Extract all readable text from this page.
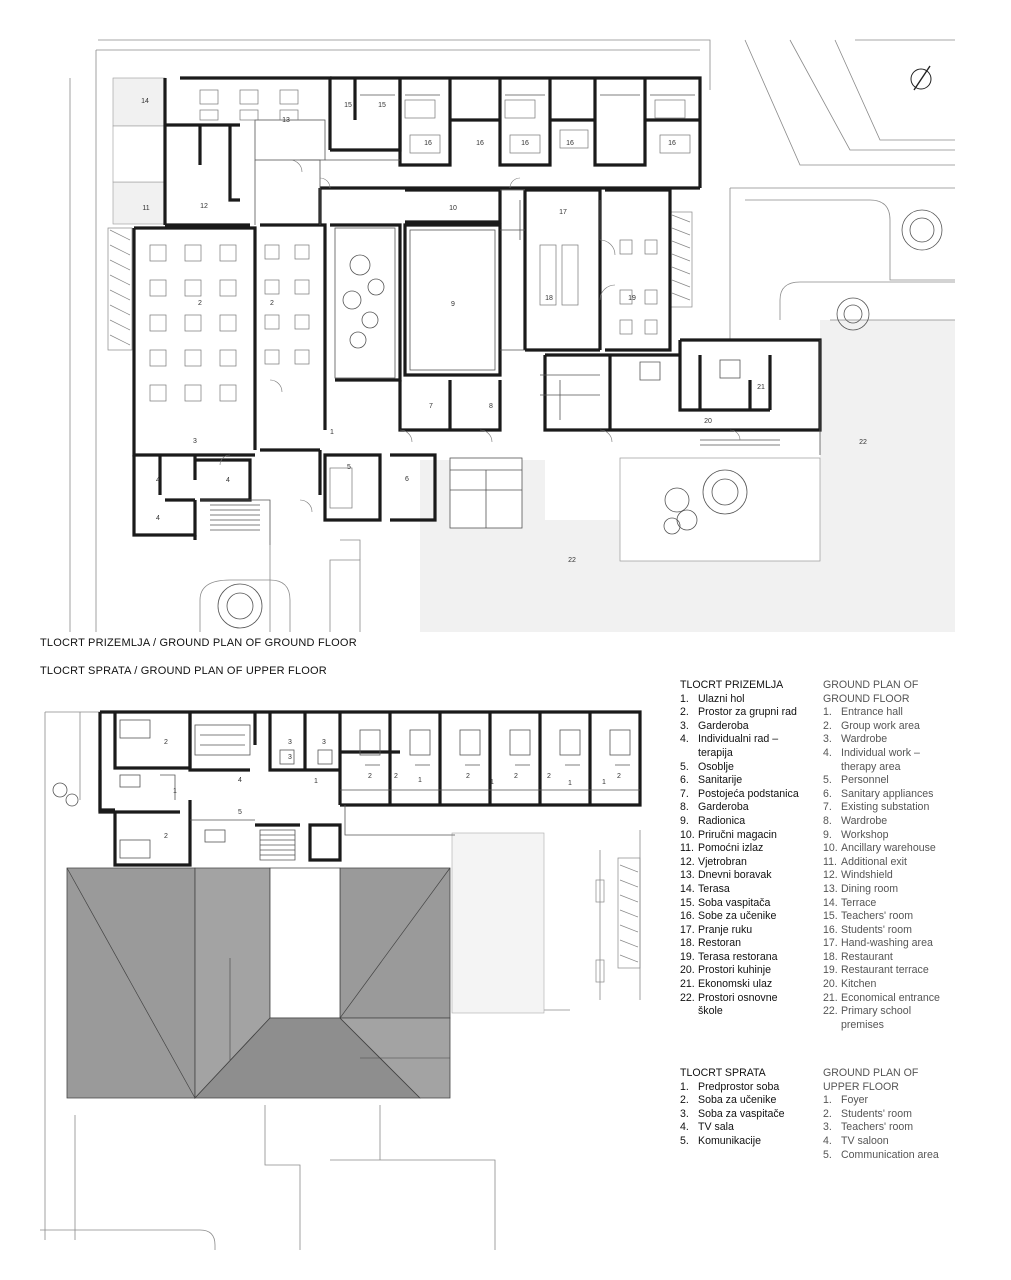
1
2	2
3
4	4
4
5
6
7	8
9
10
11	12
13
14
15	15
16	16	16	16	16
17
18	19
20
21
22
22
1
1	1	1	1	1
2
2
2	2	2	2	2	2
3	3
3
4
5
TLOCRT PRIZEMLJA / GROUND PLAN OF GROUND FLOOR
TLOCRT SPRATA / GROUND PLAN OF UPPER FLOOR
TLOCRT PRIZEMLJA
1. Ulazni hol
2. Prostor za grupni rad
3. Garderoba
4. Individualni rad –
terapija
5. Osoblje
6. Sanitarije
7. Postojeća podstanica
8. Garderoba
9. Radionica
10. Priručni magacin
11. Pomoćni izlaz
12. Vjetrobran
13. Dnevni boravak
14. Terasa
15. Soba vaspitača
16. Sobe za učenike
17. Pranje ruku
18. Restoran
19. Terasa restorana
20. Prostori kuhinje
21. Ekonomski ulaz
22. Prostori osnovne
škole
GROUND PLAN OF
GROUND FLOOR
1. Entrance hall
2. Group work area
3. Wardrobe
4. Individual work –
therapy area
5. Personnel
6. Sanitary appliances
7. Existing substation
8. Wardrobe
9. Workshop
10. Ancillary warehouse
11. Additional exit
12. Windshield
13. Dining room
14. Terrace
15. Teachers' room
16. Students' room
17. Hand-washing area
18. Restaurant
19. Restaurant terrace
20. Kitchen
21. Economical entrance
22. Primary school
premises
TLOCRT SPRATA
1. Predprostor soba
2. Soba za učenike
3. Soba za vaspitače
4. TV sala
5. Komunikacije
GROUND PLAN OF
UPPER FLOOR
1. Foyer
2. Students' room
3. Teachers' room
4. TV saloon
5. Communication area
